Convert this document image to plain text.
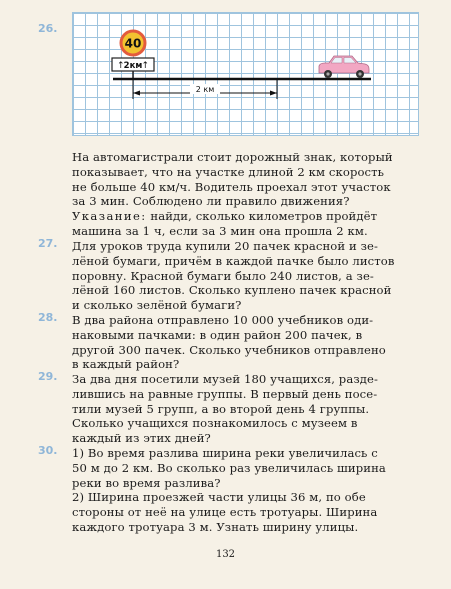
26.
40
↑ 2км ↑
2 км
На автомагистрали стоит дорожный знак, который
показывает, что на участке длиной 2 км скорость
не больше 40 км/ч. Водитель проехал этот участок
за 3 мин. Соблюдено ли правило движения?
Указание: найди, сколько километров пройдёт
машина за 1 ч, если за 3 мин она прошла 2 км.
27.	Для уроков труда купили 20 пачек красной и зе-
лёной бумаги, причём в каждой пачке было листов
поровну. Красной бумаги было 240 листов, а зе-
лёной 160 листов. Сколько куплено пачек красной
и сколько зелёной бумаги?
28.	В два района отправлено 10 000 учебников оди-
наковыми пачками: в один район 200 пачек, в
другой 300 пачек. Сколько учебников отправлено
в каждый район?
29.	За два дня посетили музей 180 учащихся, разде-
лившись на равные группы. В первый день посе-
тили музей 5 групп, а во второй день 4 группы.
Сколько учащихся познакомилось с музеем в
каждый из этих дней?
30.	1) Во время разлива ширина реки увеличилась с
50 м до 2 км. Во сколько раз увеличилась ширина
реки во время разлива?
2) Ширина проезжей части улицы 36 м, по обе
стороны от неё на улице есть тротуары. Ширина
каждого тротуара 3 м. Узнать ширину улицы.
132
